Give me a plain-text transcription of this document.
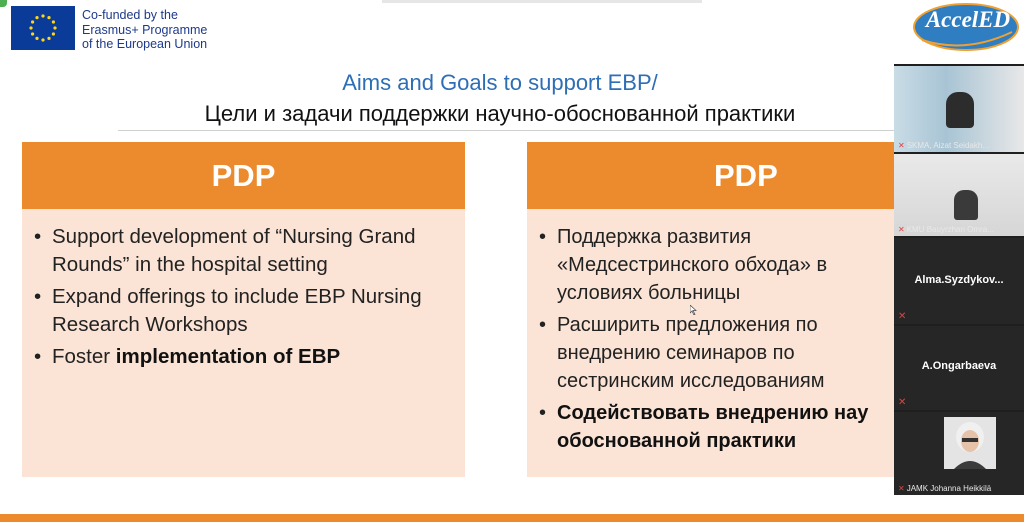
Co-funded by the
Erasmus+ Programme
of the European Union
AccelED
Aims and Goals to support EBP/
Цели и задачи поддержки научно-обоснованной практики
PDP
• Support development of “Nursing Grand Rounds” in the hospital setting
• Expand offerings to include EBP Nursing Research Workshops
• Foster implementation of EBP
PDP
• Поддержка развития «Медсестринского обхода» в условиях больницы
• Расширить предложения по внедрению семинаров по сестринским исследованиям
• Содействовать внедрению нау обоснованной практики
✕ SKMA, Aizat Seidakh...
✕ KMU Bauyrzhan Omra...
Alma.Syzdykov...
✕
A.Ongarbaeva
✕
✕ JAMK Johanna Heikkilä
